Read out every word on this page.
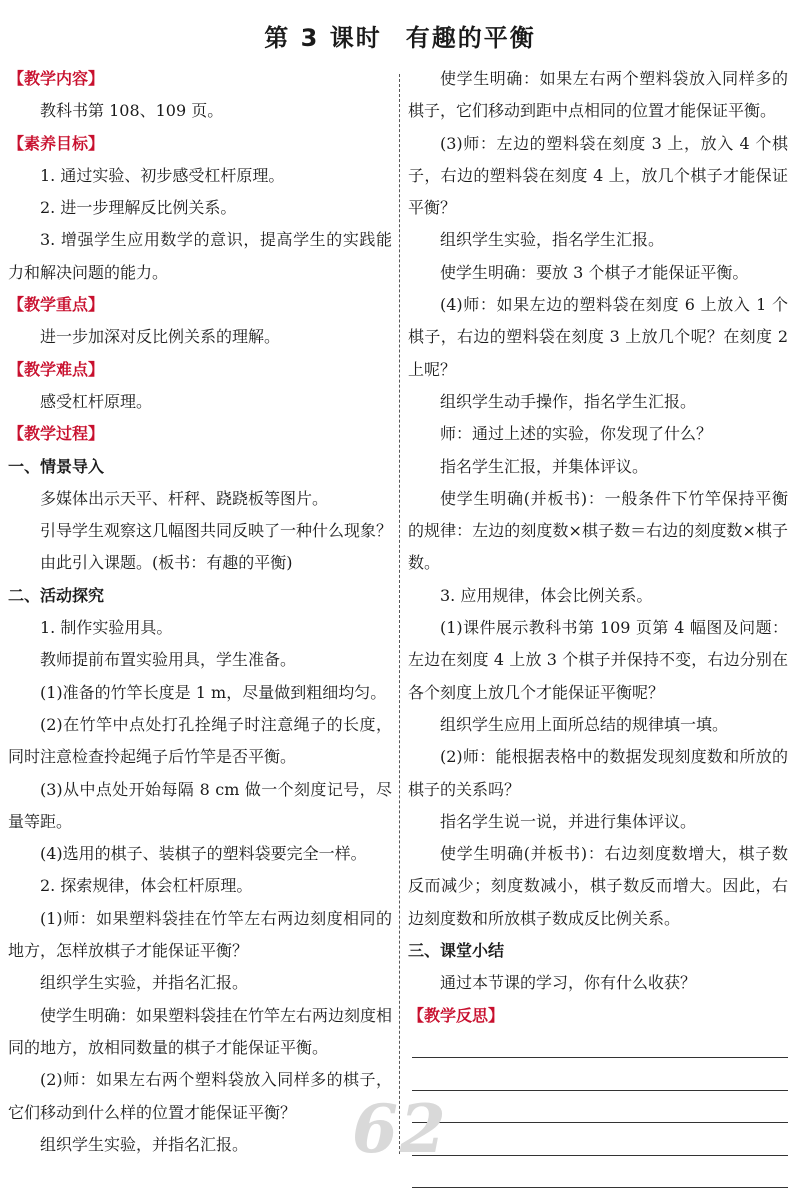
第 3 课时 有趣的平衡
【教学内容】
教科书第 108、109 页。
【素养目标】
1. 通过实验、初步感受杠杆原理。
2. 进一步理解反比例关系。
3. 增强学生应用数学的意识，提高学生的实践能力和解决问题的能力。
【教学重点】
进一步加深对反比例关系的理解。
【教学难点】
感受杠杆原理。
【教学过程】
一、情景导入
多媒体出示天平、杆秤、跷跷板等图片。
引导学生观察这几幅图共同反映了一种什么现象？
由此引入课题。(板书：有趣的平衡)
二、活动探究
1. 制作实验用具。
教师提前布置实验用具，学生准备。
(1)准备的竹竿长度是 1 m，尽量做到粗细均匀。
(2)在竹竿中点处打孔拴绳子时注意绳子的长度，同时注意检查拎起绳子后竹竿是否平衡。
(3)从中点处开始每隔 8 cm 做一个刻度记号，尽量等距。
(4)选用的棋子、装棋子的塑料袋要完全一样。
2. 探索规律，体会杠杆原理。
(1)师：如果塑料袋挂在竹竿左右两边刻度相同的地方，怎样放棋子才能保证平衡？
组织学生实验，并指名汇报。
使学生明确：如果塑料袋挂在竹竿左右两边刻度相同的地方，放相同数量的棋子才能保证平衡。
(2)师：如果左右两个塑料袋放入同样多的棋子，它们移动到什么样的位置才能保证平衡？
组织学生实验，并指名汇报。
使学生明确：如果左右两个塑料袋放入同样多的棋子，它们移动到距中点相同的位置才能保证平衡。
(3)师：左边的塑料袋在刻度 3 上，放入 4 个棋子，右边的塑料袋在刻度 4 上，放几个棋子才能保证平衡？
组织学生实验，指名学生汇报。
使学生明确：要放 3 个棋子才能保证平衡。
(4)师：如果左边的塑料袋在刻度 6 上放入 1 个棋子，右边的塑料袋在刻度 3 上放几个呢？在刻度 2 上呢？
组织学生动手操作，指名学生汇报。
师：通过上述的实验，你发现了什么？
指名学生汇报，并集体评议。
使学生明确(并板书)：一般条件下竹竿保持平衡的规律：左边的刻度数×棋子数＝右边的刻度数×棋子数。
3. 应用规律，体会比例关系。
(1)课件展示教科书第 109 页第 4 幅图及问题：左边在刻度 4 上放 3 个棋子并保持不变，右边分别在各个刻度上放几个才能保证平衡呢？
组织学生应用上面所总结的规律填一填。
(2)师：能根据表格中的数据发现刻度数和所放的棋子的关系吗？
指名学生说一说，并进行集体评议。
使学生明确(并板书)：右边刻度数增大，棋子数反而减少；刻度数减小，棋子数反而增大。因此，右边刻度数和所放棋子数成反比例关系。
三、课堂小结
通过本节课的学习，你有什么收获？
【教学反思】
62
